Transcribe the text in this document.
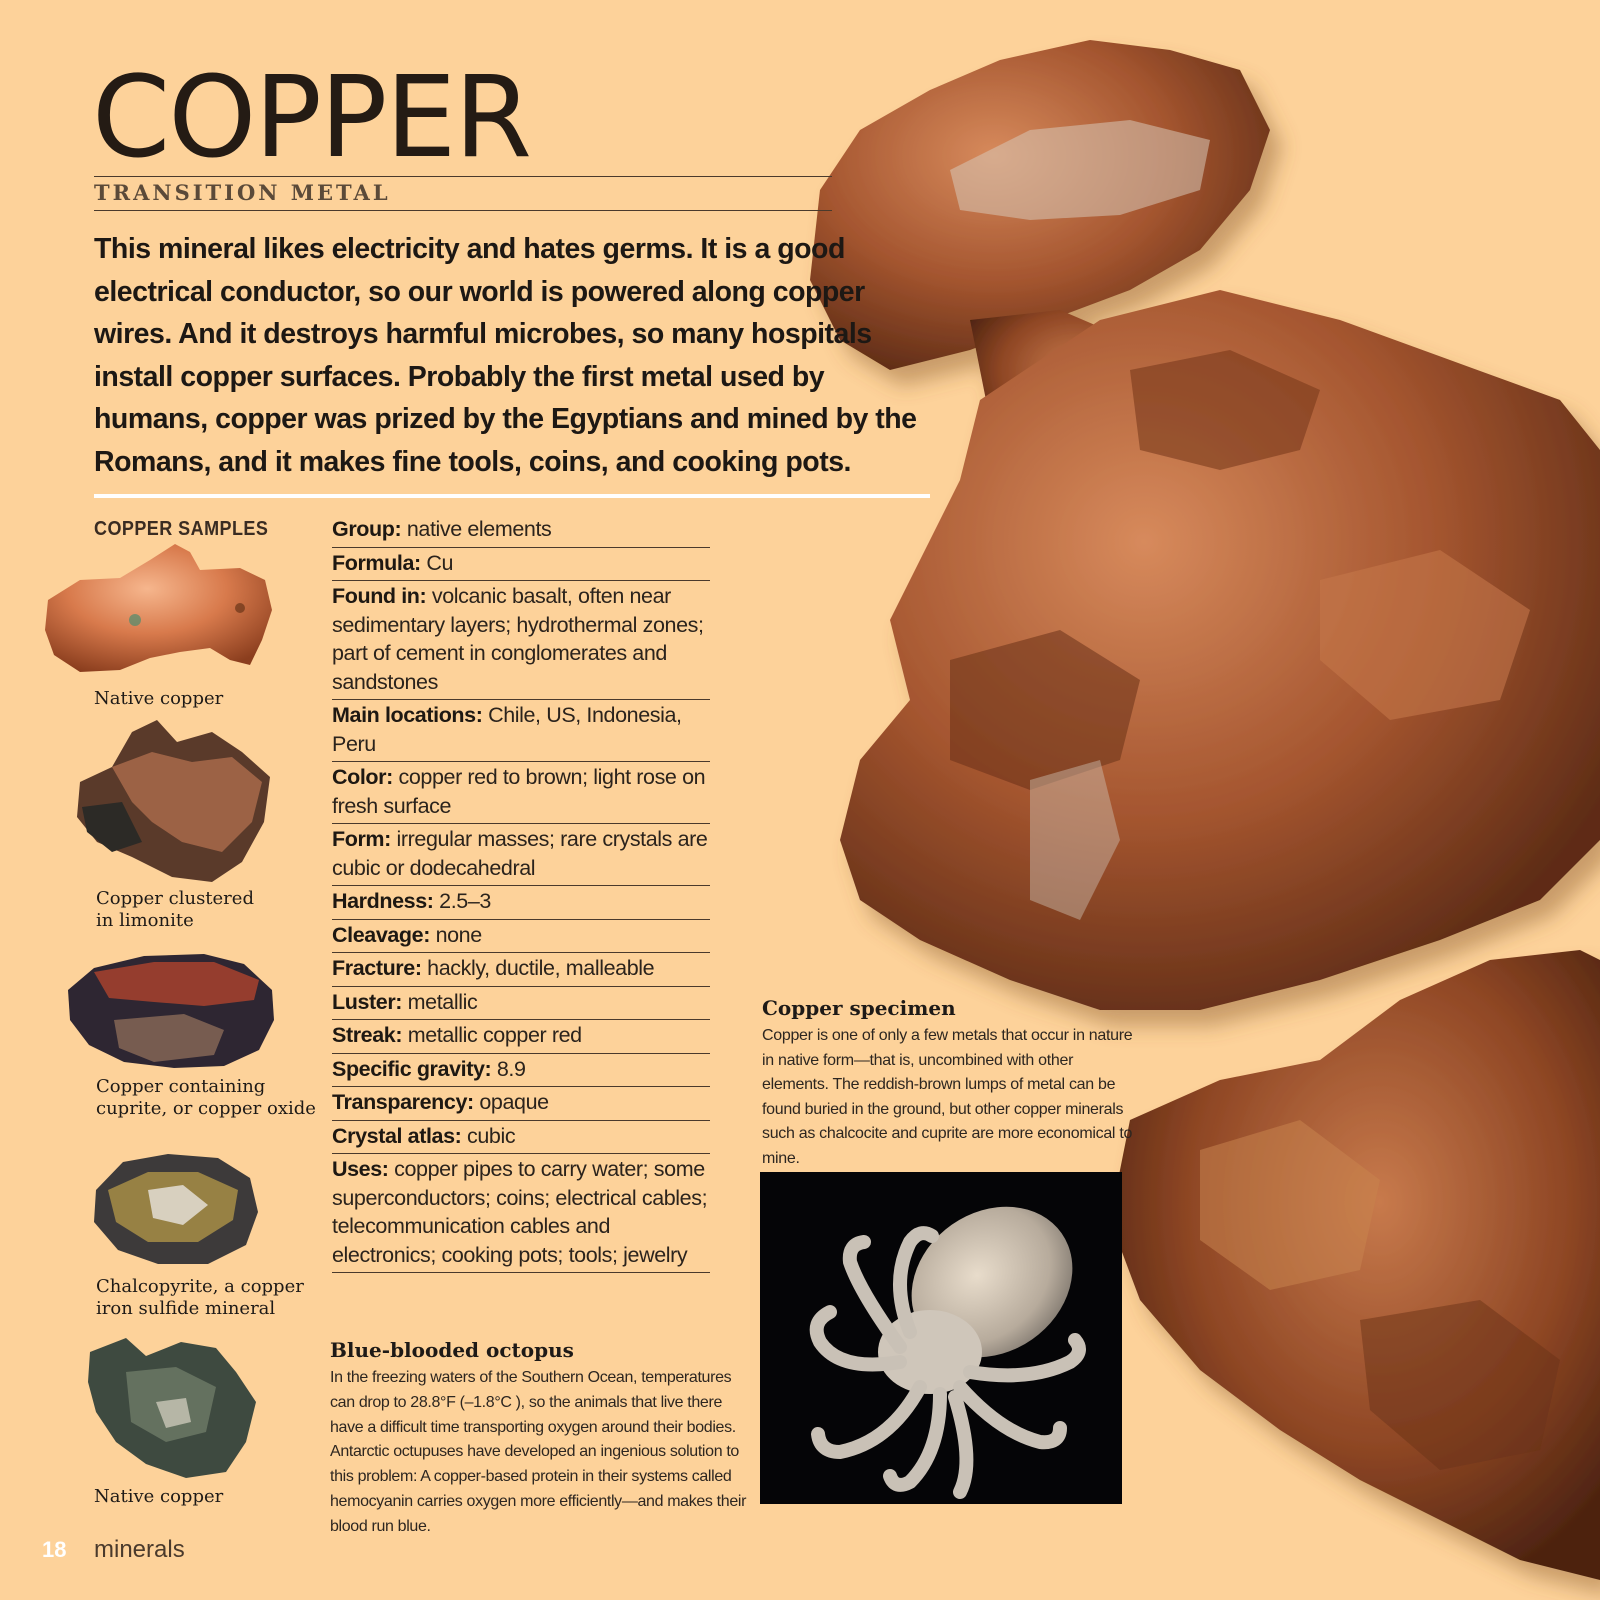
COPPER

TRANSITION METAL

This mineral likes electricity and hates germs. It is a good electrical conductor, so our world is powered along copper wires. And it destroys harmful microbes, so many hospitals install copper surfaces. Probably the first metal used by humans, copper was prized by the Egyptians and mined by the Romans, and it makes fine tools, coins, and cooking pots.

COPPER SAMPLES

Native copper

Copper clustered
in limonite

Copper containing
cuprite, or copper oxide

Chalcopyrite, a copper
iron sulfide mineral

Native copper

Group: native elements
Formula: Cu
Found in: volcanic basalt, often near sedimentary layers; hydrothermal zones; part of cement in conglomerates and sandstones
Main locations: Chile, US, Indonesia, Peru
Color: copper red to brown; light rose on fresh surface
Form: irregular masses; rare crystals are cubic or dodecahedral
Hardness: 2.5–3
Cleavage: none
Fracture: hackly, ductile, malleable
Luster: metallic
Streak: metallic copper red
Specific gravity: 8.9
Transparency: opaque
Crystal atlas: cubic
Uses: copper pipes to carry water; some superconductors; coins; electrical cables; telecommunication cables and electronics; cooking pots; tools; jewelry

Copper specimen

Copper is one of only a few metals that occur in nature in native form—that is, uncombined with other elements. The reddish-brown lumps of metal can be found buried in the ground, but other copper minerals such as chalcocite and cuprite are more economical to mine.

Blue-blooded octopus

In the freezing waters of the Southern Ocean, temperatures can drop to 28.8°F (–1.8°C ), so the animals that live there have a difficult time transporting oxygen around their bodies. Antarctic octupuses have developed an ingenious solution to this problem: A copper-based protein in their systems called hemocyanin carries oxygen more efficiently—and makes their blood run blue.

18 minerals
